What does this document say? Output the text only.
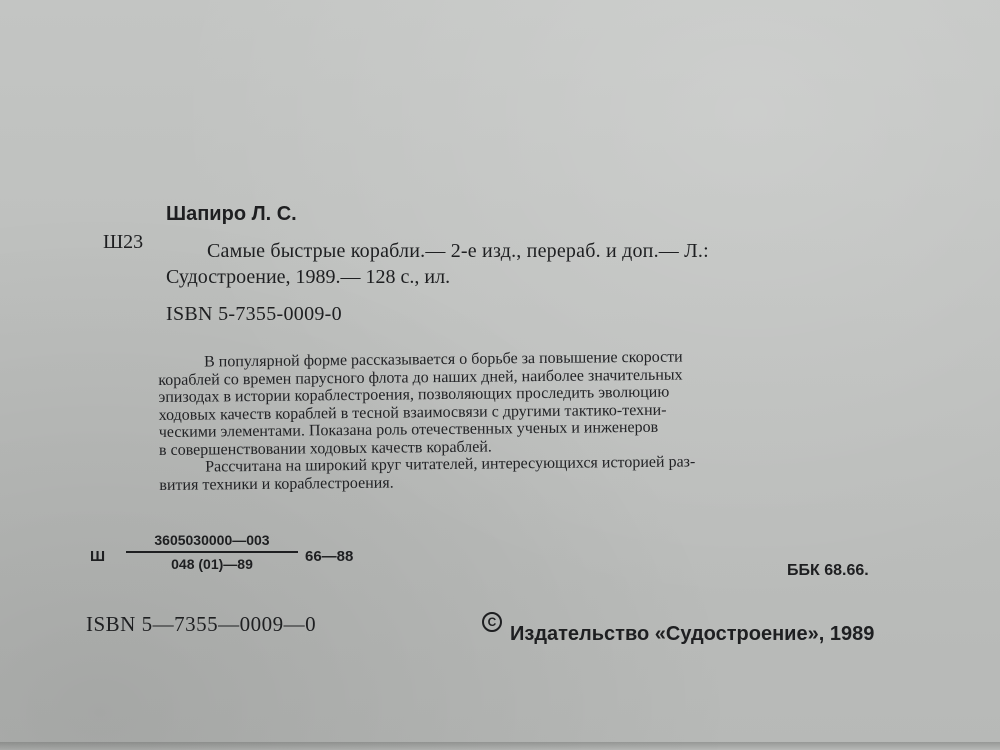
Шапиро Л. С.
Ш23	Самые быстрые корабли.— 2-е изд., перераб. и доп.— Л.:
Судостроение, 1989.— 128 с., ил.
ISBN 5-7355-0009-0
В популярной форме рассказывается о борьбе за повышение скорости
кораблей со времен парусного флота до наших дней, наиболее значительных
эпизодах в истории кораблестроения, позволяющих проследить эволюцию
ходовых качеств кораблей в тесной взаимосвязи с другими тактико-техни-
ческими элементами. Показана роль отечественных ученых и инженеров
в совершенствовании ходовых качеств кораблей.
Рассчитана на широкий круг читателей, интересующихся историей раз-
вития техники и кораблестроения.
Ш
3605030000—003
048 (01)—89	66—88
ББК 68.66.
ISBN 5—7355—0009—0	C
Издательство «Судостроение», 1989
